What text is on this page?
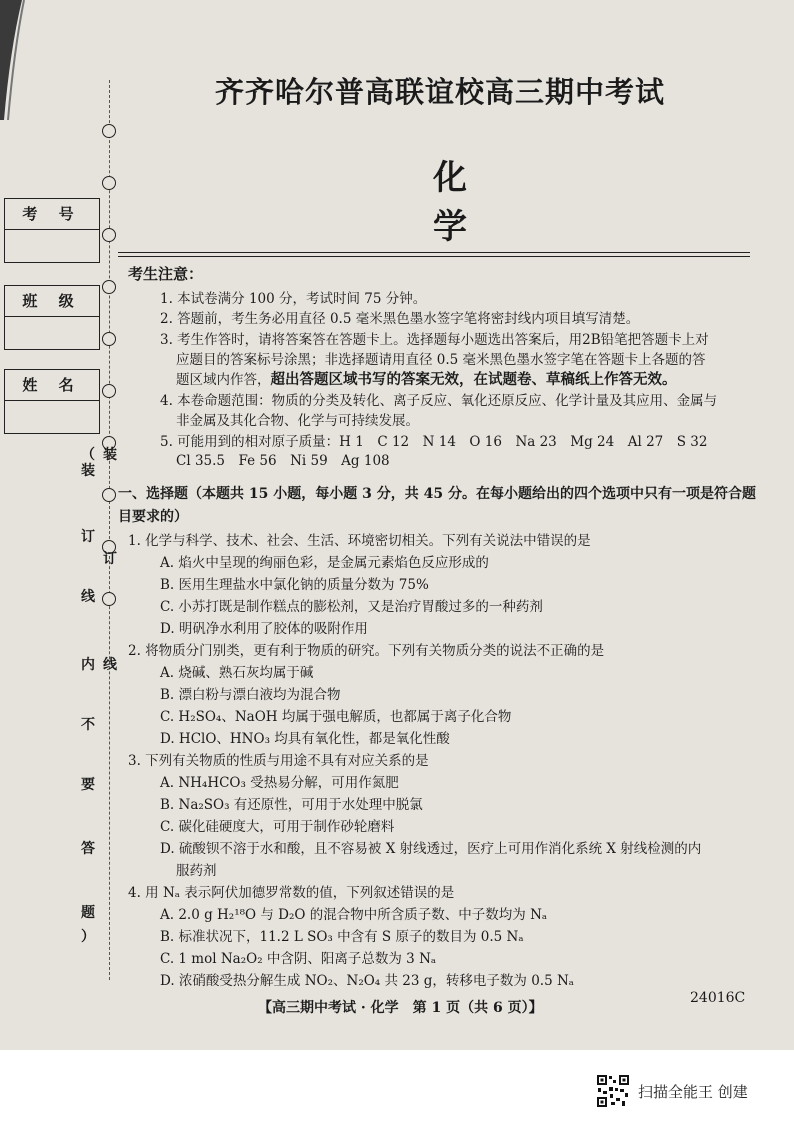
齐齐哈尔普高联谊校高三期中考试
化学
考 号
班 级
姓 名
（
装
订
线
内
不
要
答
题
）
装
订
线
考生注意：
1. 本试卷满分 100 分，考试时间 75 分钟。
2. 答题前，考生务必用直径 0.5 毫米黑色墨水签字笔将密封线内项目填写清楚。
3. 考生作答时，请将答案答在答题卡上。选择题每小题选出答案后，用2B铅笔把答题卡上对
应题目的答案标号涂黑；非选择题请用直径 0.5 毫米黑色墨水签字笔在答题卡上各题的答
题区域内作答，超出答题区域书写的答案无效，在试题卷、草稿纸上作答无效。
4. 本卷命题范围：物质的分类及转化、离子反应、氧化还原反应、化学计量及其应用、金属与
非金属及其化合物、化学与可持续发展。
5. 可能用到的相对原子质量：H 1　C 12　N 14　O 16　Na 23　Mg 24　Al 27　S 32
Cl 35.5　Fe 56　Ni 59　Ag 108
一、选择题（本题共 15 小题，每小题 3 分，共 45 分。在每小题给出的四个选项中只有一项是符合题目要求的）
1. 化学与科学、技术、社会、生活、环境密切相关。下列有关说法中错误的是
A. 焰火中呈现的绚丽色彩，是金属元素焰色反应形成的
B. 医用生理盐水中氯化钠的质量分数为 75%
C. 小苏打既是制作糕点的膨松剂，又是治疗胃酸过多的一种药剂
D. 明矾净水利用了胶体的吸附作用
2. 将物质分门别类，更有利于物质的研究。下列有关物质分类的说法不正确的是
A. 烧碱、熟石灰均属于碱
B. 漂白粉与漂白液均为混合物
C. H₂SO₄、NaOH 均属于强电解质，也都属于离子化合物
D. HClO、HNO₃ 均具有氧化性，都是氧化性酸
3. 下列有关物质的性质与用途不具有对应关系的是
A. NH₄HCO₃ 受热易分解，可用作氮肥
B. Na₂SO₃ 有还原性，可用于水处理中脱氯
C. 碳化硅硬度大，可用于制作砂轮磨料
D. 硫酸钡不溶于水和酸，且不容易被 X 射线透过，医疗上可用作消化系统 X 射线检测的内
服药剂
4. 用 Nₐ 表示阿伏加德罗常数的值，下列叙述错误的是
A. 2.0 g H₂¹⁸O 与 D₂O 的混合物中所含质子数、中子数均为 Nₐ
B. 标准状况下，11.2 L SO₃ 中含有 S 原子的数目为 0.5 Nₐ
C. 1 mol Na₂O₂ 中含阴、阳离子总数为 3 Nₐ
D. 浓硝酸受热分解生成 NO₂、N₂O₄ 共 23 g，转移电子数为 0.5 Nₐ
【高三期中考试 · 化学　第 1 页（共 6 页）】
24016C
扫描全能王 创建
